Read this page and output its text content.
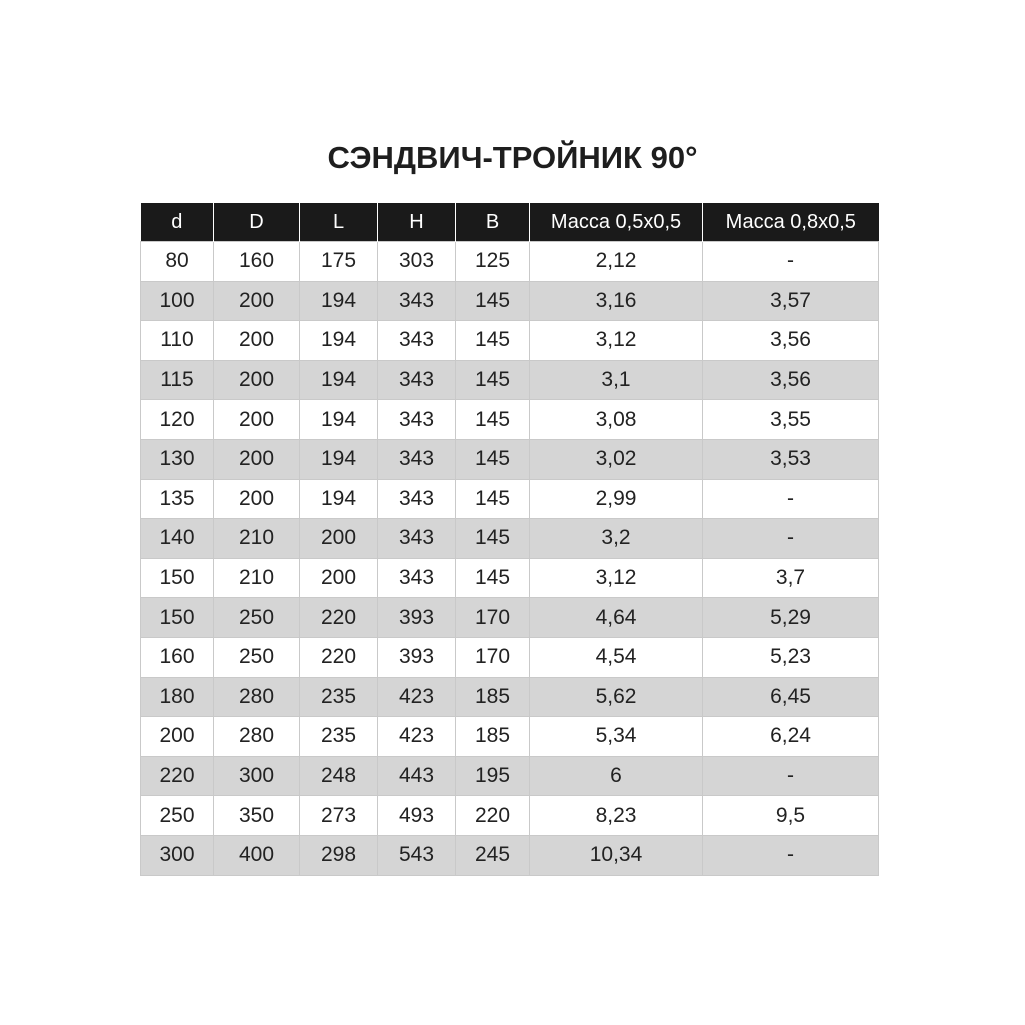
СЭНДВИЧ-ТРОЙНИК 90°
d	D	L	H	B	Масса 0,5х0,5	Масса 0,8х0,5
80	160	175	303	125	2,12	-
100	200	194	343	145	3,16	3,57
110	200	194	343	145	3,12	3,56
115	200	194	343	145	3,1	3,56
120	200	194	343	145	3,08	3,55
130	200	194	343	145	3,02	3,53
135	200	194	343	145	2,99	-
140	210	200	343	145	3,2	-
150	210	200	343	145	3,12	3,7
150	250	220	393	170	4,64	5,29
160	250	220	393	170	4,54	5,23
180	280	235	423	185	5,62	6,45
200	280	235	423	185	5,34	6,24
220	300	248	443	195	6	-
250	350	273	493	220	8,23	9,5
300	400	298	543	245	10,34	-
